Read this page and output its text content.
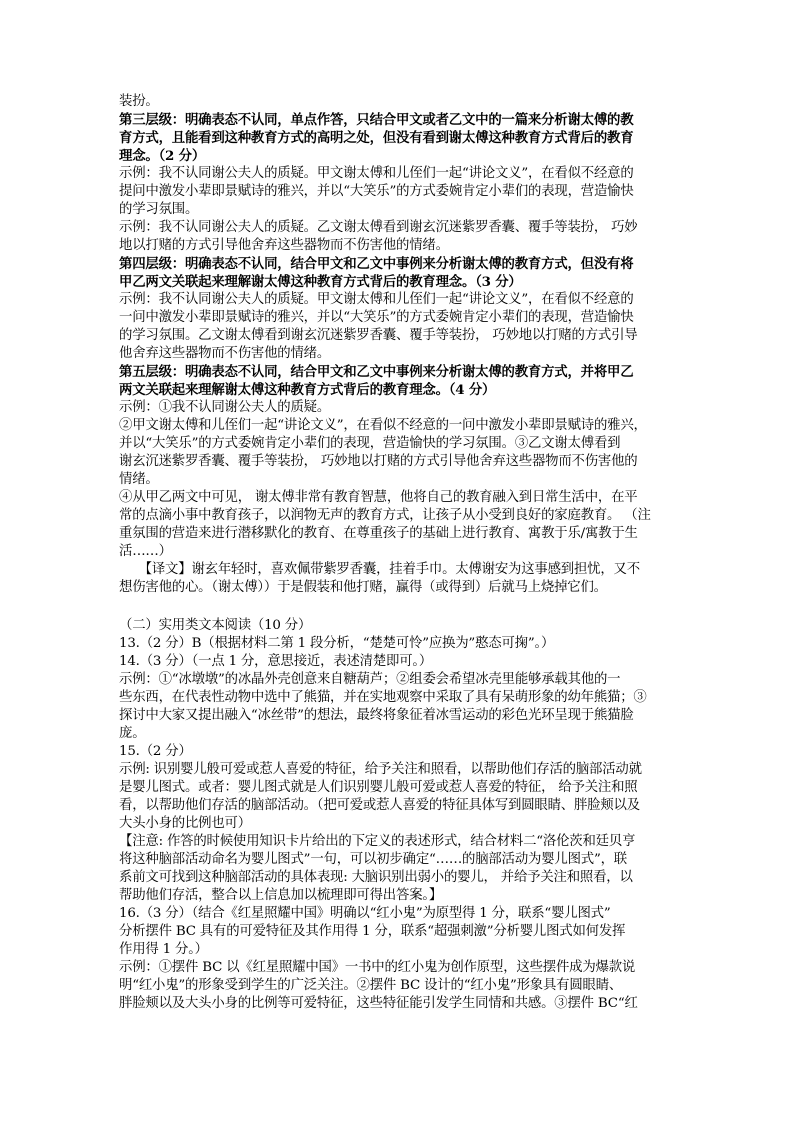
装扮。
第三层级：明确表态不认同，单点作答，只结合甲文或者乙文中的一篇来分析谢太傅的教
育方式，且能看到这种教育方式的高明之处，但没有看到谢太傅这种教育方式背后的教育
理念。（2 分）
示例：我不认同谢公夫人的质疑。甲文谢太傅和儿侄们一起“讲论文义”，在看似不经意的
提问中激发小辈即景赋诗的雅兴，并以“大笑乐”的方式委婉肯定小辈们的表现，营造愉快
的学习氛围。
示例：我不认同谢公夫人的质疑。乙文谢太傅看到谢玄沉迷紫罗香囊、覆手等装扮， 巧妙
地以打赌的方式引导他舍弃这些器物而不伤害他的情绪。
第四层级：明确表态不认同，结合甲文和乙文中事例来分析谢太傅的教育方式，但没有将
甲乙两文关联起来理解谢太傅这种教育方式背后的教育理念。（3 分）
示例：我不认同谢公夫人的质疑。甲文谢太傅和儿侄们一起“讲论文义”，在看似不经意的
一问中激发小辈即景赋诗的雅兴，并以“大笑乐”的方式委婉肯定小辈们的表现，营造愉快
的学习氛围。乙文谢太傅看到谢玄沉迷紫罗香囊、覆手等装扮， 巧妙地以打赌的方式引导
他舍弃这些器物而不伤害他的情绪。
第五层级：明确表态不认同，结合甲文和乙文中事例来分析谢太傅的教育方式，并将甲乙
两文关联起来理解谢太傅这种教育方式背后的教育理念。（4 分）
示例：①我不认同谢公夫人的质疑。
②甲文谢太傅和儿侄们一起“讲论文义”，在看似不经意的一问中激发小辈即景赋诗的雅兴，
并以“大笑乐”的方式委婉肯定小辈们的表现，营造愉快的学习氛围。③乙文谢太傅看到
谢玄沉迷紫罗香囊、覆手等装扮， 巧妙地以打赌的方式引导他舍弃这些器物而不伤害他的
情绪。
④从甲乙两文中可见， 谢太傅非常有教育智慧，他将自己的教育融入到日常生活中，在平
常的点滴小事中教育孩子，以润物无声的教育方式，让孩子从小受到良好的家庭教育。 （注
重氛围的营造来进行潜移默化的教育、在尊重孩子的基础上进行教育、寓教于乐/寓教于生
活……）
　　【译文】谢玄年轻时，喜欢佩带紫罗香囊，挂着手巾。太傅谢安为这事感到担忧，又不
想伤害他的心。（谢太傅））于是假装和他打赌，赢得（或得到）后就马上烧掉它们。
（二）实用类文本阅读（10 分）
13.（2 分）B（根据材料二第 1 段分析，“楚楚可怜”应换为”憨态可掬”。）
14.（3 分）（一点 1 分，意思接近，表述清楚即可。）
示例：①“冰墩墩”的冰晶外壳创意来自糖葫芦；②组委会希望冰壳里能够承载其他的一
些东西，在代表性动物中选中了熊猫，并在实地观察中采取了具有呆萌形象的幼年熊猫；③
探讨中大家又提出融入“冰丝带”的想法，最终将象征着冰雪运动的彩色光环呈现于熊猫脸
庞。
15.（2 分）
示例: 识别婴儿般可爱或惹人喜爱的特征，给予关注和照看，以帮助他们存活的脑部活动就
是婴儿图式。或者：婴儿图式就是人们识别婴儿般可爱或惹人喜爱的特征， 给予关注和照
看，以帮助他们存活的脑部活动。（把可爱或惹人喜爱的特征具体写到圆眼睛、胖脸颊以及
大头小身的比例也可）
【注意: 作答的时候使用知识卡片给出的下定义的表述形式，结合材料二“洛伦茨和廷贝亨
将这种脑部活动命名为婴儿图式”一句，可以初步确定“……的脑部活动为婴儿图式”，联
系前文可找到这种脑部活动的具体表现: 大脑识别出弱小的婴儿， 并给予关注和照看，以
帮助他们存活，整合以上信息加以梳理即可得出答案。】
16.（3 分）（结合《红星照耀中国》明确以“红小鬼”为原型得 1 分，联系“婴儿图式”
分析摆件 BC 具有的可爱特征及其作用得 1 分，联系“超强刺激”分析婴儿图式如何发挥
作用得 1 分。）
示例：①摆件 BC 以《红星照耀中国》一书中的红小鬼为创作原型，这些摆件成为爆款说
明“红小鬼”的形象受到学生的广泛关注。②摆件 BC 设计的“红小鬼”形象具有圆眼睛、
胖脸颊以及大头小身的比例等可爱特征，这些特征能引发学生同情和共感。③摆件 BC“红
